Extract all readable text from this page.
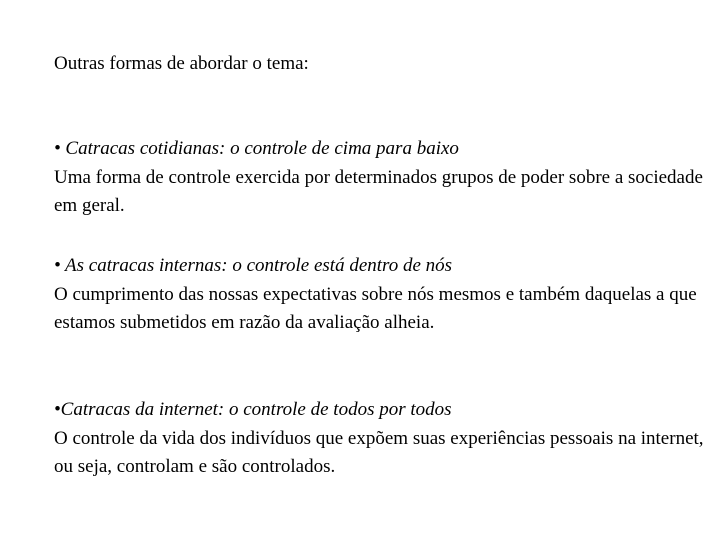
Outras formas de abordar o tema:

• Catracas cotidianas: o controle de cima para baixo
Uma forma de controle exercida por determinados grupos de poder sobre a sociedade em geral.
• As catracas internas: o controle está dentro de nós
O cumprimento das nossas expectativas sobre nós mesmos e também daquelas a que estamos submetidos em razão da avaliação alheia.
•Catracas da internet: o controle de todos por todos
O controle da vida dos indivíduos que expõem suas experiências pessoais na internet, ou seja, controlam e são controlados.
